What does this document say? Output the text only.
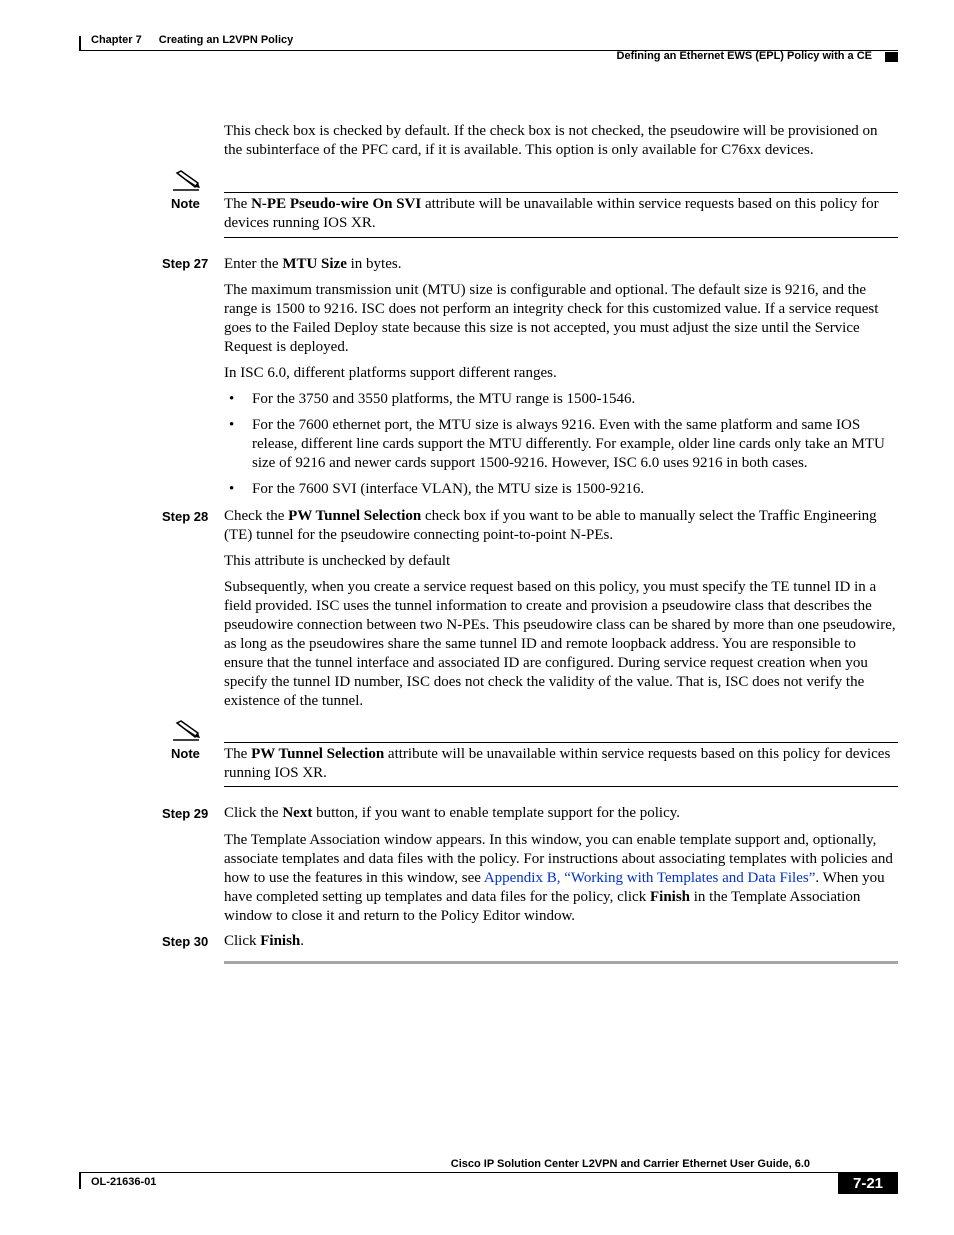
Chapter 7 Creating an L2VPN Policy
Defining an Ethernet EWS (EPL) Policy with a CE

This check box is checked by default. If the check box is not checked, the pseudowire will be provisioned on the subinterface of the PFC card, if it is available. This option is only available for C76xx devices.

Note The N-PE Pseudo-wire On SVI attribute will be unavailable within service requests based on this policy for devices running IOS XR.

Step 27 Enter the MTU Size in bytes.

The maximum transmission unit (MTU) size is configurable and optional. The default size is 9216, and the range is 1500 to 9216. ISC does not perform an integrity check for this customized value. If a service request goes to the Failed Deploy state because this size is not accepted, you must adjust the size until the Service Request is deployed.

In ISC 6.0, different platforms support different ranges.

• For the 3750 and 3550 platforms, the MTU range is 1500-1546.

• For the 7600 ethernet port, the MTU size is always 9216. Even with the same platform and same IOS release, different line cards support the MTU differently. For example, older line cards only take an MTU size of 9216 and newer cards support 1500-9216. However, ISC 6.0 uses 9216 in both cases.

• For the 7600 SVI (interface VLAN), the MTU size is 1500-9216.

Step 28 Check the PW Tunnel Selection check box if you want to be able to manually select the Traffic Engineering (TE) tunnel for the pseudowire connecting point-to-point N-PEs.

This attribute is unchecked by default

Subsequently, when you create a service request based on this policy, you must specify the TE tunnel ID in a field provided. ISC uses the tunnel information to create and provision a pseudowire class that describes the pseudowire connection between two N-PEs. This pseudowire class can be shared by more than one pseudowire, as long as the pseudowires share the same tunnel ID and remote loopback address. You are responsible to ensure that the tunnel interface and associated ID are configured. During service request creation when you specify the tunnel ID number, ISC does not check the validity of the value. That is, ISC does not verify the existence of the tunnel.

Note The PW Tunnel Selection attribute will be unavailable within service requests based on this policy for devices running IOS XR.

Step 29 Click the Next button, if you want to enable template support for the policy.

The Template Association window appears. In this window, you can enable template support and, optionally, associate templates and data files with the policy. For instructions about associating templates with policies and how to use the features in this window, see Appendix B, “Working with Templates and Data Files”. When you have completed setting up templates and data files for the policy, click Finish in the Template Association window to close it and return to the Policy Editor window.

Step 30 Click Finish.

Cisco IP Solution Center L2VPN and Carrier Ethernet User Guide, 6.0
OL-21636-01	7-21
